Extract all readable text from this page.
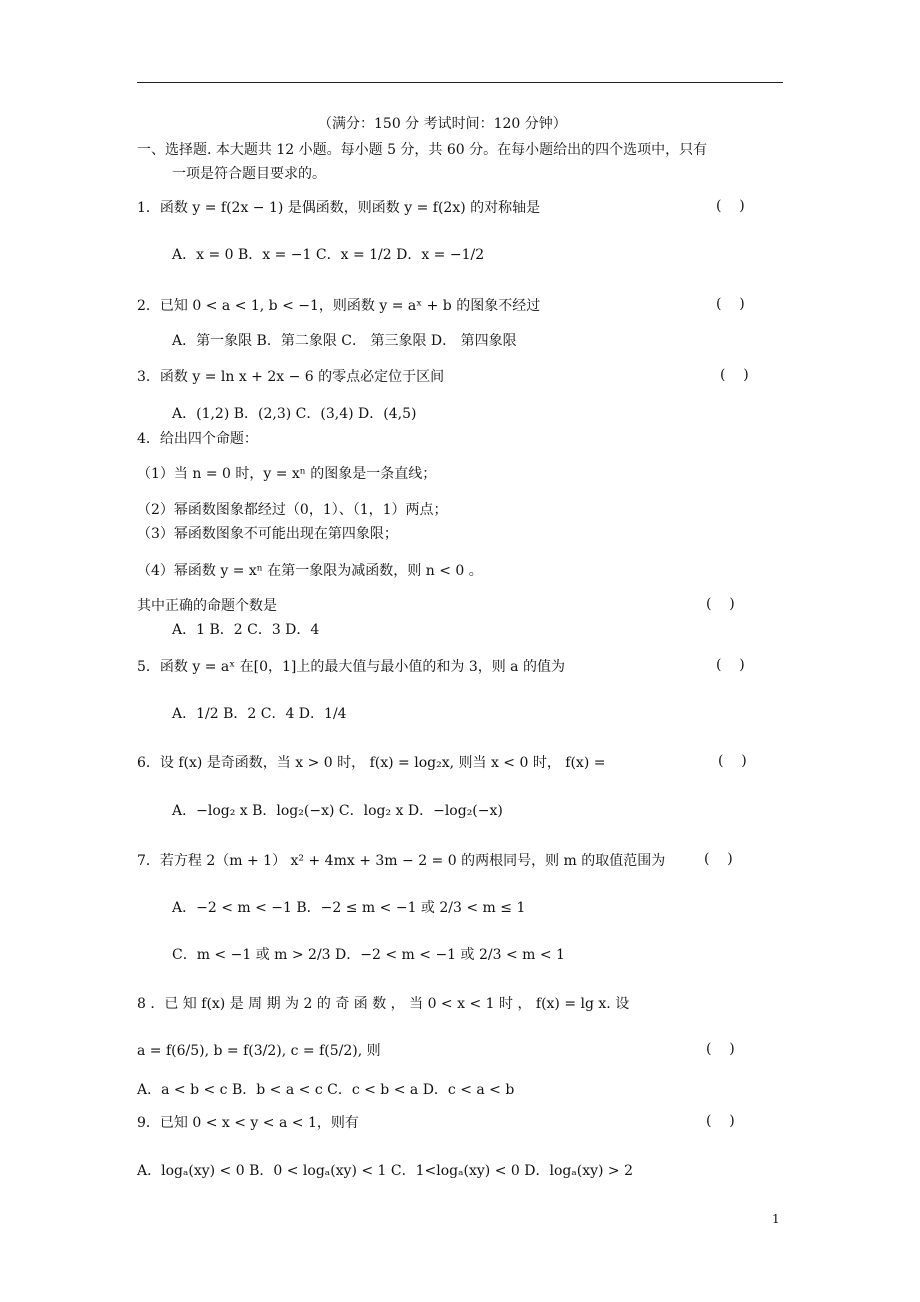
（满分：150 分 考试时间：120 分钟）
一、选择题. 本大题共 12 小题。每小题 5 分，共 60 分。在每小题给出的四个选项中，只有
一项是符合题目要求的。
1．函数 y = f(2x − 1) 是偶函数，则函数 y = f(2x) 的对称轴是	(    )
A．x = 0 B．x = −1 C．x = 1/2 D．x = −1/2
2．已知 0 < a < 1, b < −1，则函数 y = aˣ + b 的图象不经过	(    )
A．第一象限 B．第二象限 C． 第三象限 D． 第四象限
3．函数 y = ln x + 2x − 6 的零点必定位于区间	(    )
A．(1,2) B．(2,3) C．(3,4) D．(4,5)
4．给出四个命题：
（1）当 n = 0 时，y = xⁿ 的图象是一条直线；
（2）幂函数图象都经过（0，1）、（1，1）两点；
（3）幂函数图象不可能出现在第四象限；
（4）幂函数 y = xⁿ 在第一象限为减函数，则 n < 0 。
其中正确的命题个数是	(    )
A．1 B．2 C．3 D．4
5．函数 y = aˣ 在[0，1]上的最大值与最小值的和为 3，则 a 的值为	(    )
A．1/2 B．2 C．4 D．1/4
6．设 f(x) 是奇函数，当 x > 0 时， f(x) = log₂x, 则当 x < 0 时， f(x) =	(    )
A．−log₂ x B．log₂(−x) C．log₂ x D．−log₂(−x)
7．若方程 2（m + 1） x² + 4mx + 3m − 2 = 0 的两根同号，则 m 的取值范围为	(    )
A．−2 < m < −1 B．−2 ≤ m < −1 或 2/3 < m ≤ 1
C．m < −1 或 m > 2/3 D．−2 < m < −1 或 2/3 < m < 1
8 ．已 知 f(x) 是 周 期 为 2 的 奇 函 数 ， 当 0 < x < 1 时 ， f(x) = lg x. 设
a = f(6/5), b = f(3/2), c = f(5/2), 则	(    )
A．a < b < c B．b < a < c C．c < b < a D．c < a < b
9．已知 0 < x < y < a < 1，则有	(    )
A．logₐ(xy) < 0 B．0 < logₐ(xy) < 1 C．1<logₐ(xy) < 0 D．logₐ(xy) > 2
1
